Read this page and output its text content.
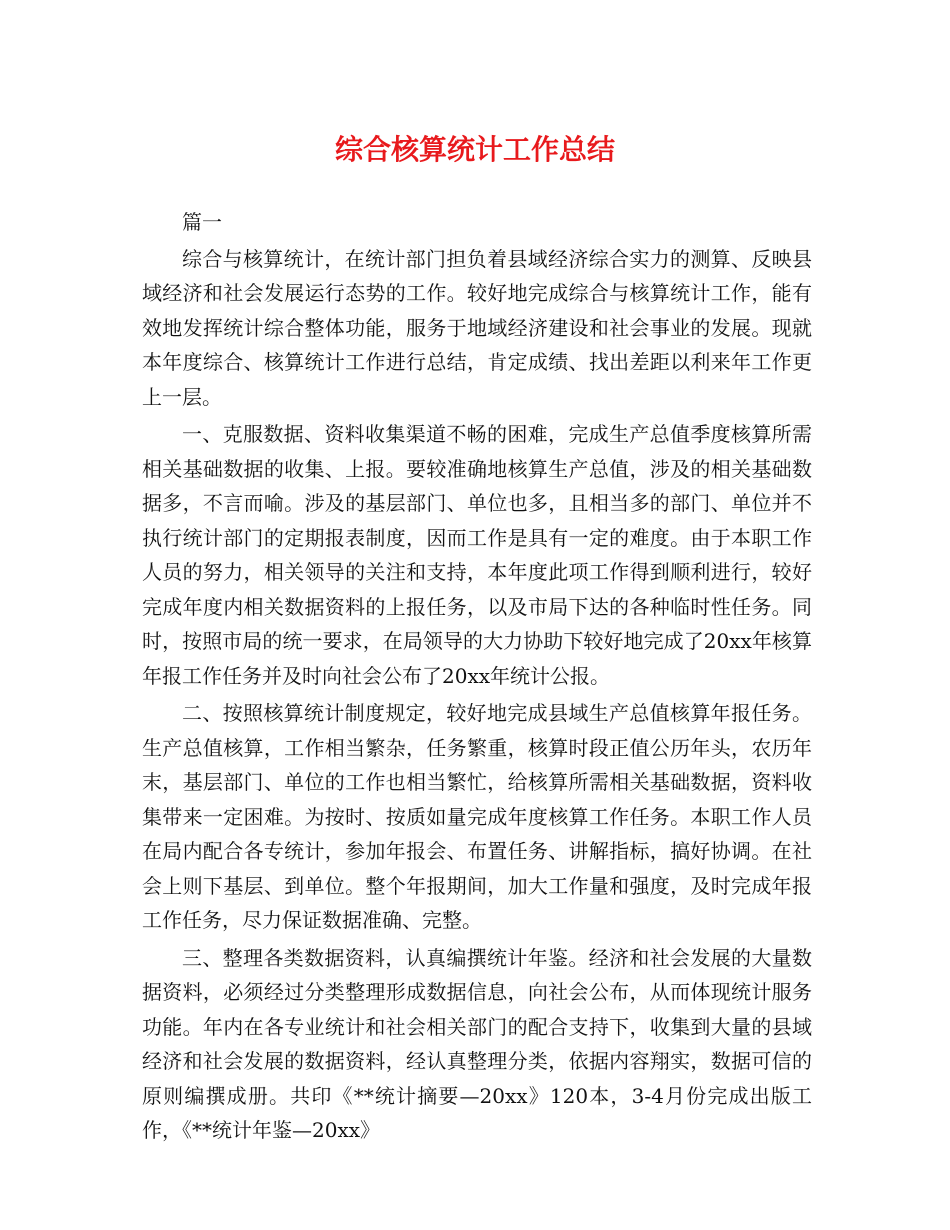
综合核算统计工作总结

篇一

综合与核算统计，在统计部门担负着县域经济综合实力的测算、反映县域经济和社会发展运行态势的工作。较好地完成综合与核算统计工作，能有效地发挥统计综合整体功能，服务于地域经济建设和社会事业的发展。现就本年度综合、核算统计工作进行总结，肯定成绩、找出差距以利来年工作更上一层。

一、克服数据、资料收集渠道不畅的困难，完成生产总值季度核算所需相关基础数据的收集、上报。要较准确地核算生产总值，涉及的相关基础数据多，不言而喻。涉及的基层部门、单位也多，且相当多的部门、单位并不执行统计部门的定期报表制度，因而工作是具有一定的难度。由于本职工作人员的努力，相关领导的关注和支持，本年度此项工作得到顺利进行，较好完成年度内相关数据资料的上报任务，以及市局下达的各种临时性任务。同时，按照市局的统一要求，在局领导的大力协助下较好地完成了20xx年核算年报工作任务并及时向社会公布了20xx年统计公报。

二、按照核算统计制度规定，较好地完成县域生产总值核算年报任务。生产总值核算，工作相当繁杂，任务繁重，核算时段正值公历年头，农历年末，基层部门、单位的工作也相当繁忙，给核算所需相关基础数据，资料收集带来一定困难。为按时、按质如量完成年度核算工作任务。本职工作人员在局内配合各专统计，参加年报会、布置任务、讲解指标，搞好协调。在社会上则下基层、到单位。整个年报期间，加大工作量和强度，及时完成年报工作任务，尽力保证数据准确、完整。

三、整理各类数据资料，认真编撰统计年鉴。经济和社会发展的大量数据资料，必须经过分类整理形成数据信息，向社会公布，从而体现统计服务功能。年内在各专业统计和社会相关部门的配合支持下，收集到大量的县域经济和社会发展的数据资料，经认真整理分类，依据内容翔实，数据可信的原则编撰成册。共印《**统计摘要—20xx》120本，3-4月份完成出版工作，《**统计年鉴—20xx》
